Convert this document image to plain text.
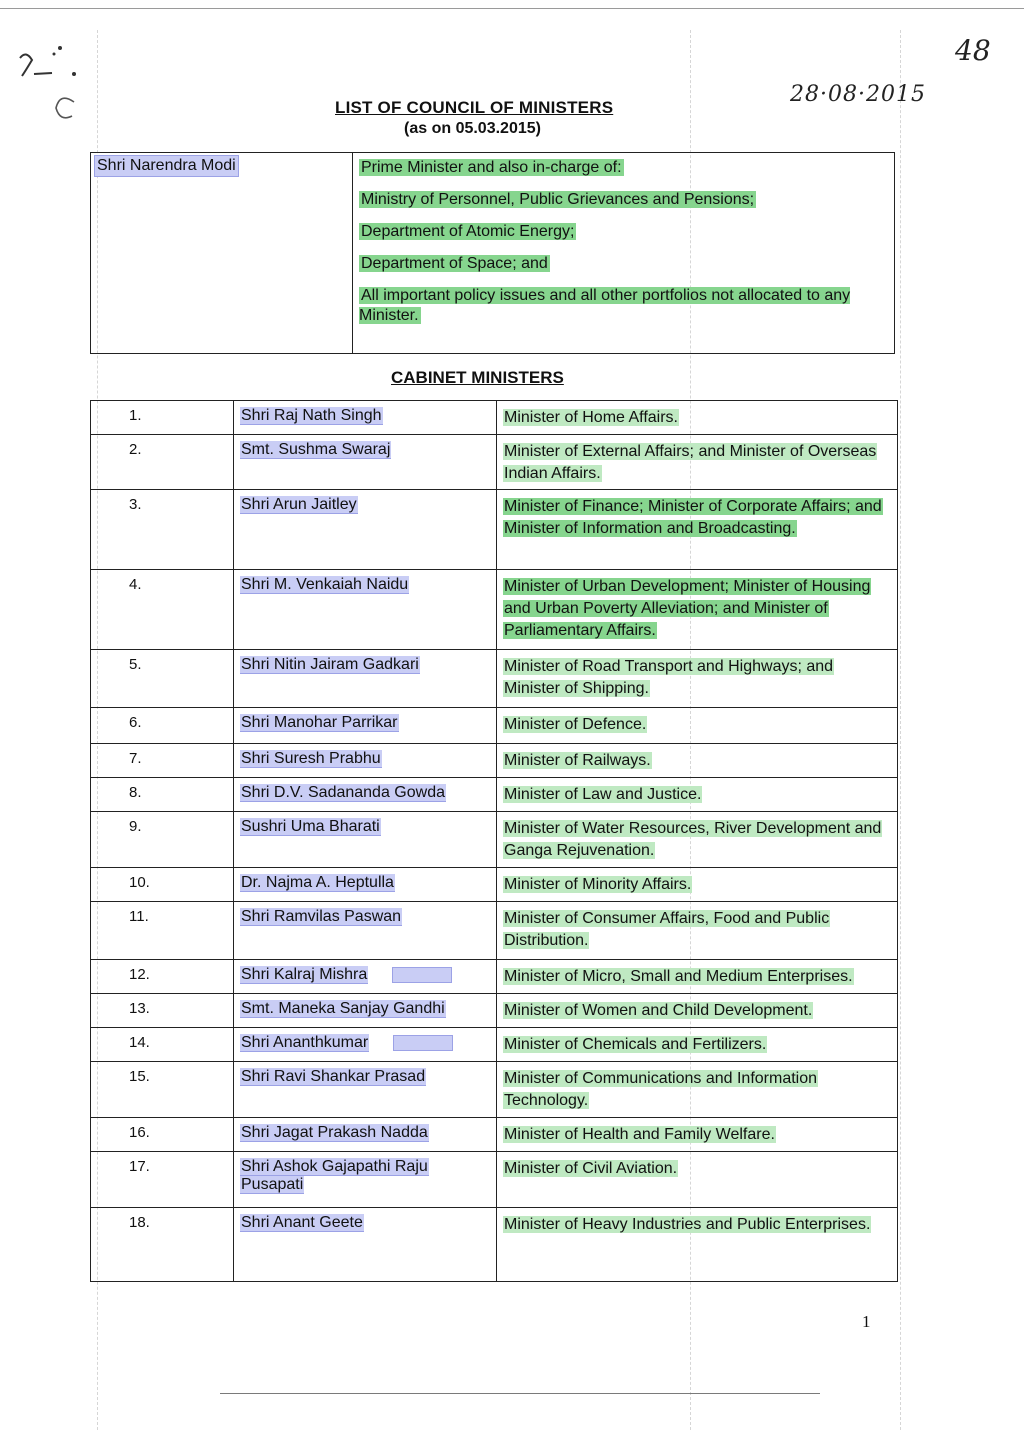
48
28·08·2015
LIST OF COUNCIL OF MINISTERS
(as on 05.03.2015)
Shri Narendra Modi	Prime Minister and also in-charge of:
Ministry of Personnel, Public Grievances and Pensions;
Department of Atomic Energy;
Department of Space; and
All important policy issues and all other portfolios not allocated to any Minister.
CABINET MINISTERS
1.	Shri Raj Nath Singh	Minister of Home Affairs.
2.	Smt. Sushma Swaraj	Minister of External Affairs; and Minister of Overseas Indian Affairs.
3.	Shri Arun Jaitley	Minister of Finance; Minister of Corporate Affairs; and Minister of Information and Broadcasting.
4.	Shri M. Venkaiah Naidu	Minister of Urban Development; Minister of Housing and Urban Poverty Alleviation; and Minister of Parliamentary Affairs.
5.	Shri Nitin Jairam Gadkari	Minister of Road Transport and Highways; and Minister of Shipping.
6.	Shri Manohar Parrikar	Minister of Defence.
7.	Shri Suresh Prabhu	Minister of Railways.
8.	Shri D.V. Sadananda Gowda	Minister of Law and Justice.
9.	Sushri Uma Bharati	Minister of Water Resources, River Development and Ganga Rejuvenation.
10.	Dr. Najma A. Heptulla	Minister of Minority Affairs.
11.	Shri Ramvilas Paswan	Minister of Consumer Affairs, Food and Public Distribution.
12.	Shri Kalraj Mishra	Minister of Micro, Small and Medium Enterprises.
13.	Smt. Maneka Sanjay Gandhi	Minister of Women and Child Development.
14.	Shri Ananthkumar	Minister of Chemicals and Fertilizers.
15.	Shri Ravi Shankar Prasad	Minister of Communications and Information Technology.
16.	Shri Jagat Prakash Nadda	Minister of Health and Family Welfare.
17.	Shri Ashok Gajapathi Raju Pusapati	Minister of Civil Aviation.
18.	Shri Anant Geete	Minister of Heavy Industries and Public Enterprises.
1
